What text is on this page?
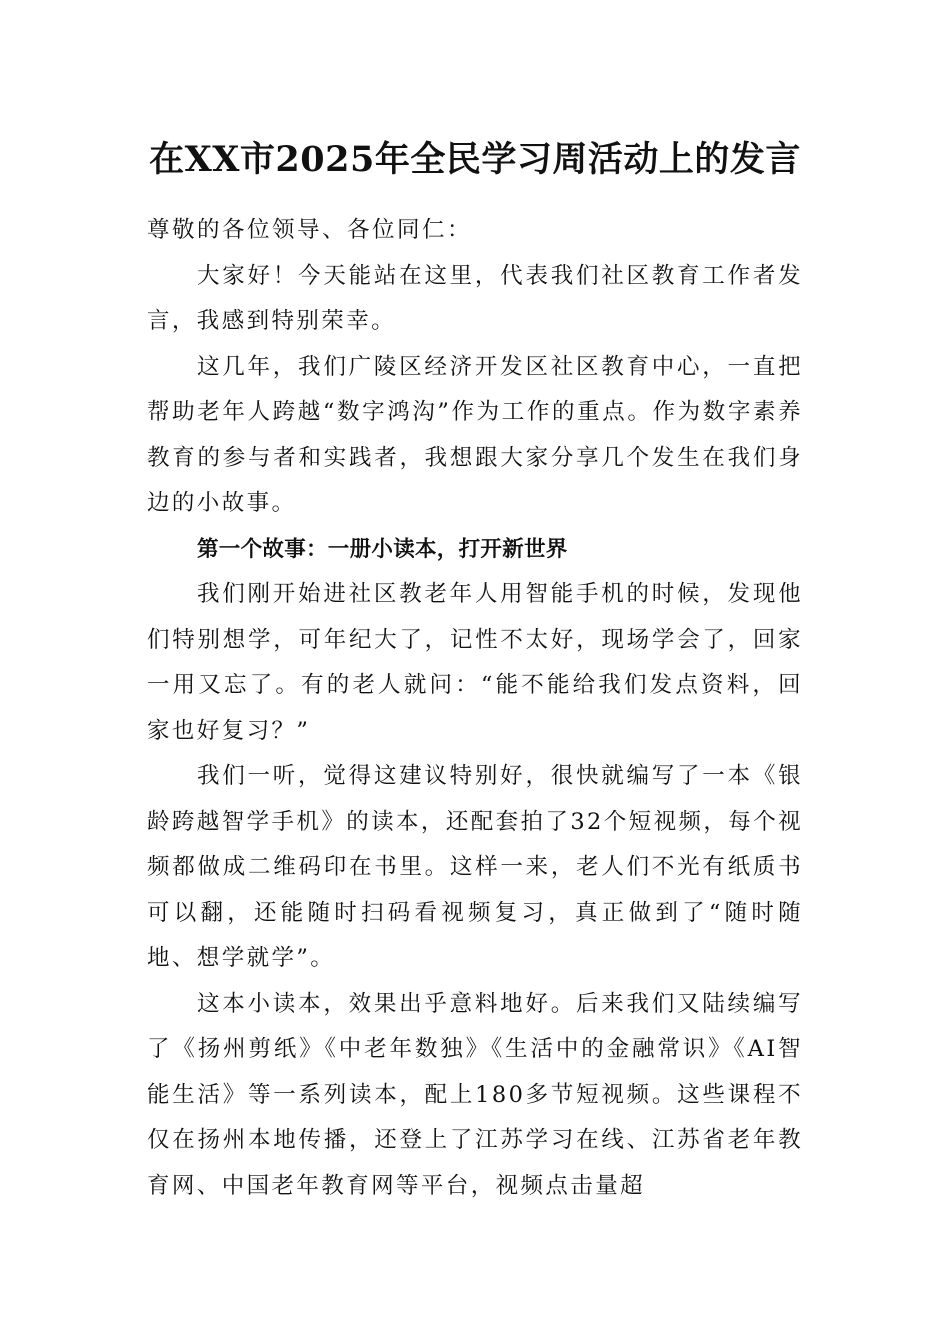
在XX市2025年全民学习周活动上的发言

尊敬的各位领导、各位同仁：

大家好！今天能站在这里，代表我们社区教育工作者发言，我感到特别荣幸。

这几年，我们广陵区经济开发区社区教育中心，一直把帮助老年人跨越“数字鸿沟”作为工作的重点。作为数字素养教育的参与者和实践者，我想跟大家分享几个发生在我们身边的小故事。

第一个故事：一册小读本，打开新世界

我们刚开始进社区教老年人用智能手机的时候，发现他们特别想学，可年纪大了，记性不太好，现场学会了，回家一用又忘了。有的老人就问：“能不能给我们发点资料，回家也好复习？”

我们一听，觉得这建议特别好，很快就编写了一本《银龄跨越智学手机》的读本，还配套拍了32个短视频，每个视频都做成二维码印在书里。这样一来，老人们不光有纸质书可以翻，还能随时扫码看视频复习，真正做到了“随时随地、想学就学”。

这本小读本，效果出乎意料地好。后来我们又陆续编写了《扬州剪纸》《中老年数独》《生活中的金融常识》《AI智能生活》等一系列读本，配上180多节短视频。这些课程不仅在扬州本地传播，还登上了江苏学习在线、江苏省老年教育网、中国老年教育网等平台，视频点击量超
